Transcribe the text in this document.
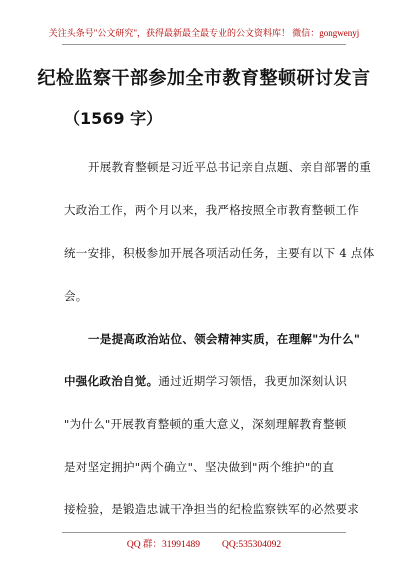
关注头条号"公文研究"，获得最新最全最专业的公文资料库！ 微信：gongwenyj
纪检监察干部参加全市教育整顿研讨发言
（1569 字）
开展教育整顿是习近平总书记亲自点题、亲自部署的重
大政治工作，两个月以来，我严格按照全市教育整顿工作
统一安排，积极参加开展各项活动任务，主要有以下 4 点体
会。
一是提高政治站位、领会精神实质，在理解"为什么"
中强化政治自觉。通过近期学习领悟，我更加深刻认识
"为什么"开展教育整顿的重大意义，深刻理解教育整顿
是对坚定拥护"两个确立"、坚决做到"两个维护"的直
接检验，是锻造忠诚干净担当的纪检监察铁军的必然要求
QQ 群：31991489 QQ:535304092
